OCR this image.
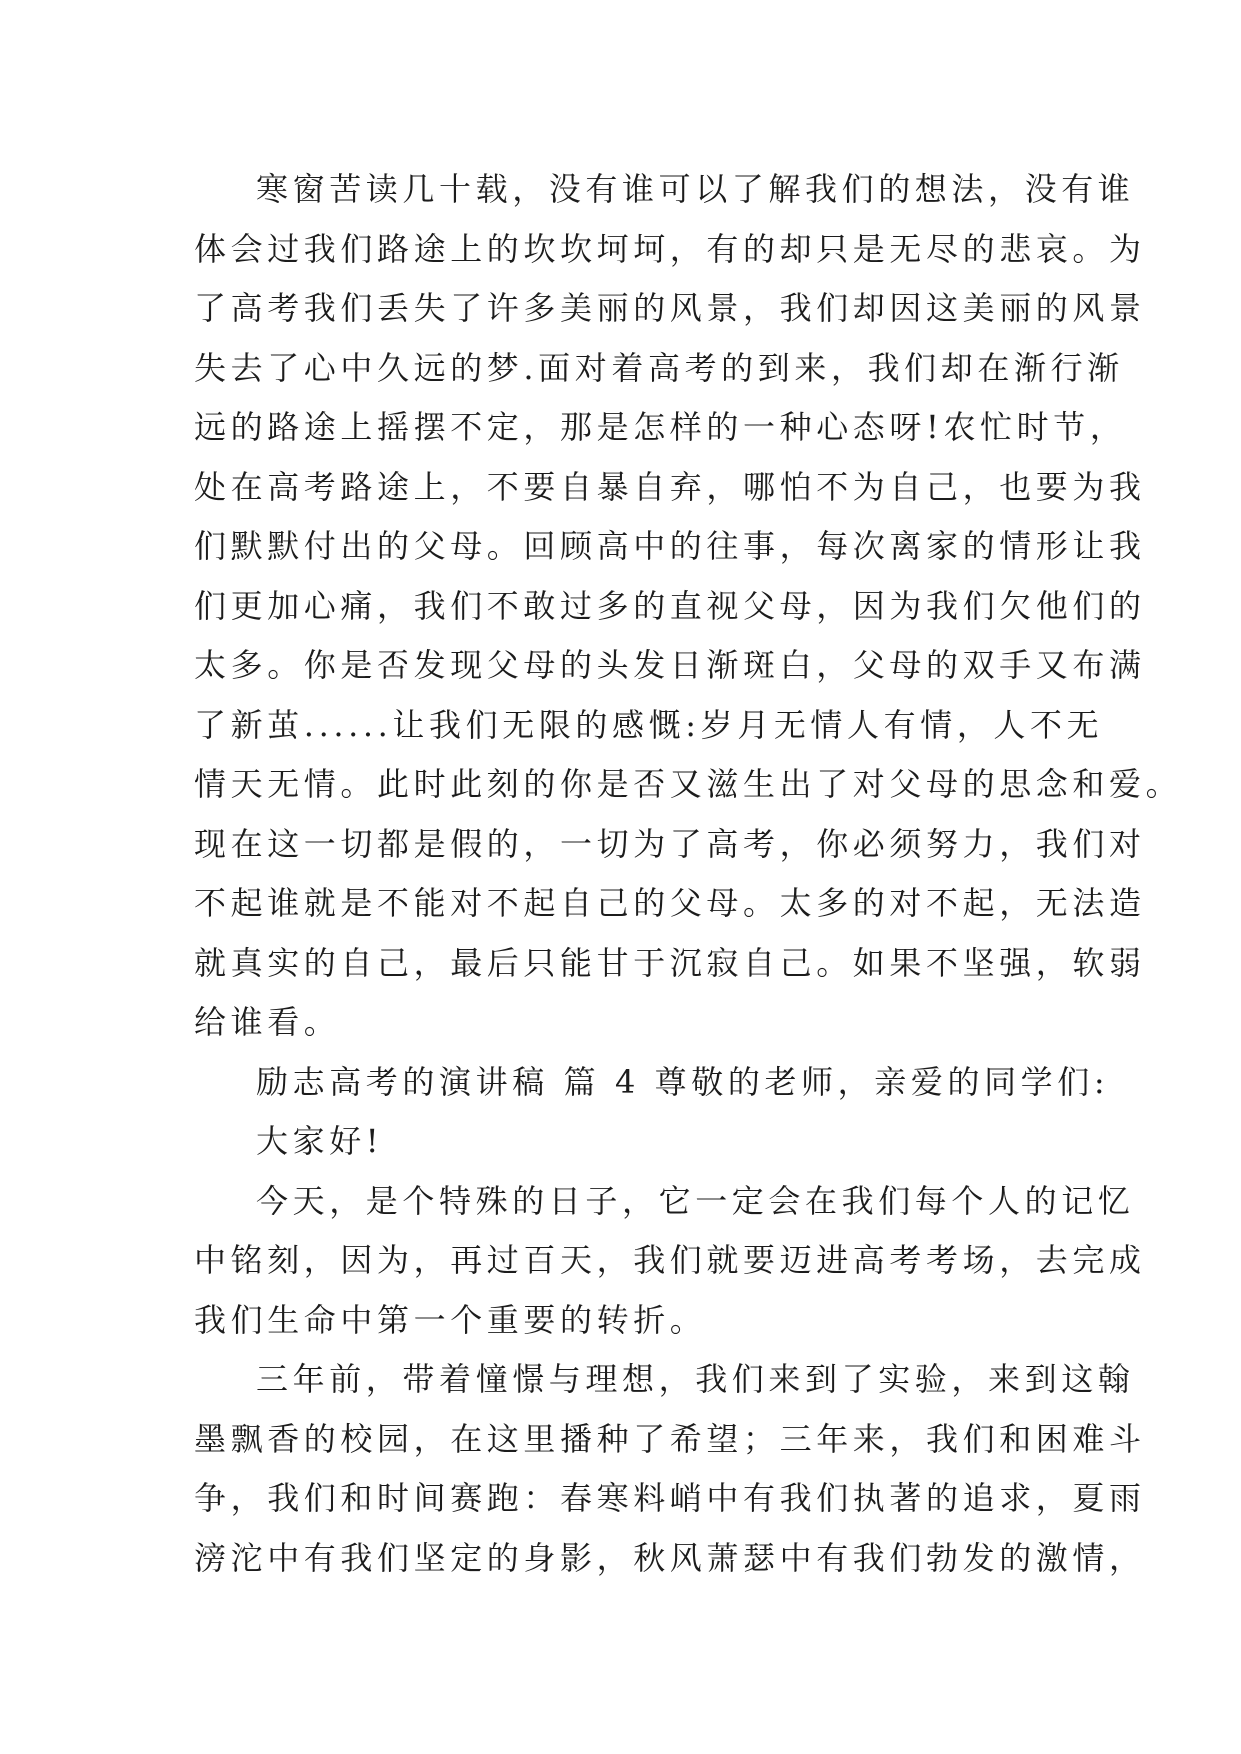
寒窗苦读几十载，没有谁可以了解我们的想法，没有谁
体会过我们路途上的坎坎坷坷，有的却只是无尽的悲哀。为
了高考我们丢失了许多美丽的风景，我们却因这美丽的风景
失去了心中久远的梦.面对着高考的到来，我们却在渐行渐
远的路途上摇摆不定，那是怎样的一种心态呀!农忙时节，
处在高考路途上，不要自暴自弃，哪怕不为自己，也要为我
们默默付出的父母。回顾高中的往事，每次离家的情形让我
们更加心痛，我们不敢过多的直视父母，因为我们欠他们的
太多。你是否发现父母的头发日渐斑白，父母的双手又布满
了新茧......让我们无限的感慨:岁月无情人有情，人不无
情天无情。此时此刻的你是否又滋生出了对父母的思念和爱。
现在这一切都是假的，一切为了高考，你必须努力，我们对
不起谁就是不能对不起自己的父母。太多的对不起，无法造
就真实的自己，最后只能甘于沉寂自己。如果不坚强，软弱
给谁看。
励志高考的演讲稿 篇 4 尊敬的老师，亲爱的同学们:
大家好!
今天，是个特殊的日子，它一定会在我们每个人的记忆
中铭刻，因为，再过百天，我们就要迈进高考考场，去完成
我们生命中第一个重要的转折。
三年前，带着憧憬与理想，我们来到了实验，来到这翰
墨飘香的校园，在这里播种了希望；三年来，我们和困难斗
争，我们和时间赛跑：春寒料峭中有我们执著的追求，夏雨
滂沱中有我们坚定的身影，秋风萧瑟中有我们勃发的激情，
